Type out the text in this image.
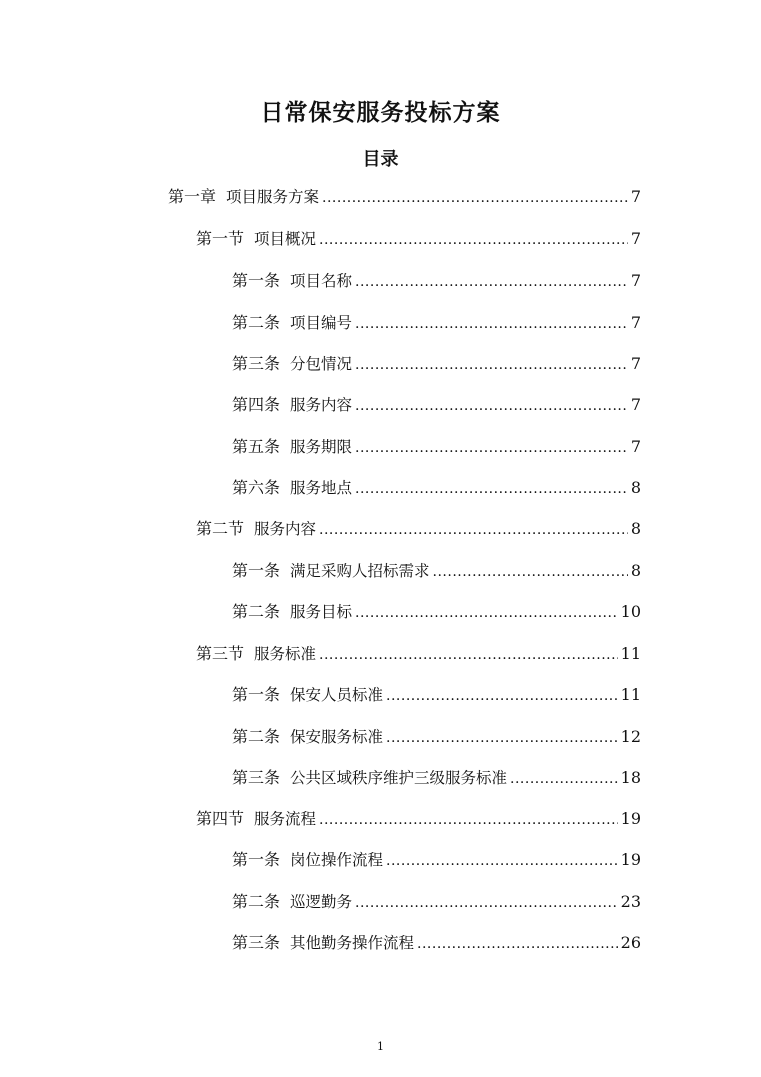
日常保安服务投标方案
目录
第一章 项目服务方案 .....	7
第一节 项目概况 .....	7
第一条 项目名称 .....	7
第二条 项目编号 .....	7
第三条 分包情况 .....	7
第四条 服务内容 .....	7
第五条 服务期限 .....	7
第六条 服务地点 .....	8
第二节 服务内容 .....	8
第一条 满足采购人招标需求 .....	8
第二条 服务目标 .....	10
第三节 服务标准 .....	11
第一条 保安人员标准 .....	11
第二条 保安服务标准 .....	12
第三条 公共区域秩序维护三级服务标准 .....	18
第四节 服务流程 .....	19
第一条 岗位操作流程 .....	19
第二条 巡逻勤务 .....	23
第三条 其他勤务操作流程 .....	26
1
